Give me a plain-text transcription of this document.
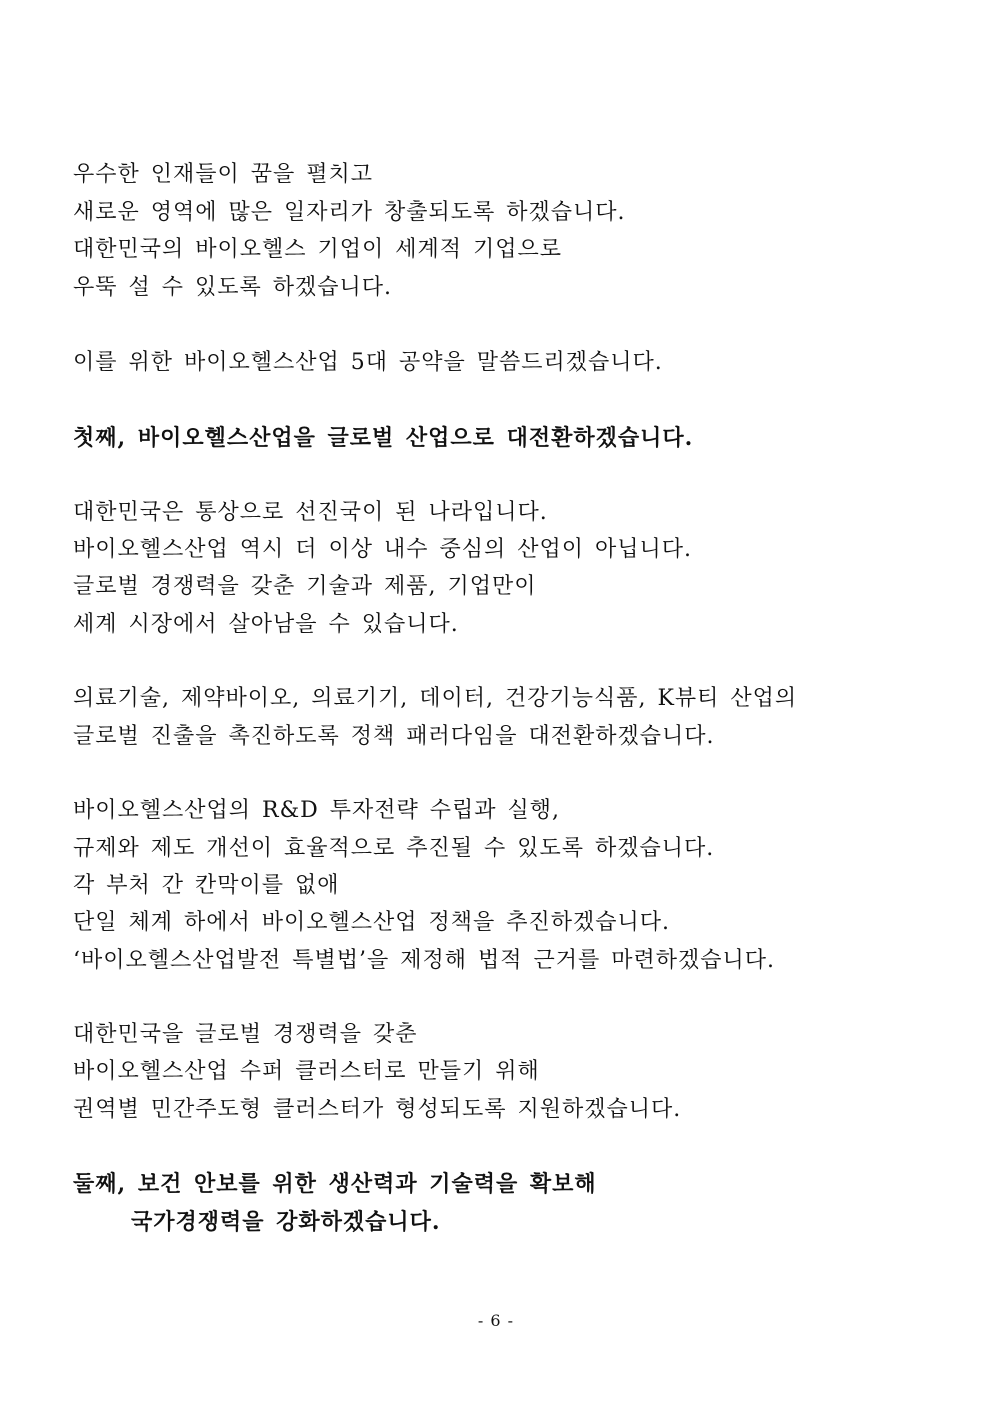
우수한 인재들이 꿈을 펼치고
새로운 영역에 많은 일자리가 창출되도록 하겠습니다.
대한민국의 바이오헬스 기업이 세계적 기업으로
우뚝 설 수 있도록 하겠습니다.
이를 위한 바이오헬스산업 5대 공약을 말씀드리겠습니다.
첫째, 바이오헬스산업을 글로벌 산업으로 대전환하겠습니다.
대한민국은 통상으로 선진국이 된 나라입니다.
바이오헬스산업 역시 더 이상 내수 중심의 산업이 아닙니다.
글로벌 경쟁력을 갖춘 기술과 제품, 기업만이
세계 시장에서 살아남을 수 있습니다.
의료기술, 제약바이오, 의료기기, 데이터, 건강기능식품, K뷰티 산업의
글로벌 진출을 촉진하도록 정책 패러다임을 대전환하겠습니다.
바이오헬스산업의 R&D 투자전략 수립과 실행,
규제와 제도 개선이 효율적으로 추진될 수 있도록 하겠습니다.
각 부처 간 칸막이를 없애
단일 체계 하에서 바이오헬스산업 정책을 추진하겠습니다.
‘바이오헬스산업발전 특별법’을 제정해 법적 근거를 마련하겠습니다.
대한민국을 글로벌 경쟁력을 갖춘
바이오헬스산업 수퍼 클러스터로 만들기 위해
권역별 민간주도형 클러스터가 형성되도록 지원하겠습니다.
둘째, 보건 안보를 위한 생산력과 기술력을 확보해
국가경쟁력을 강화하겠습니다.
- 6 -
